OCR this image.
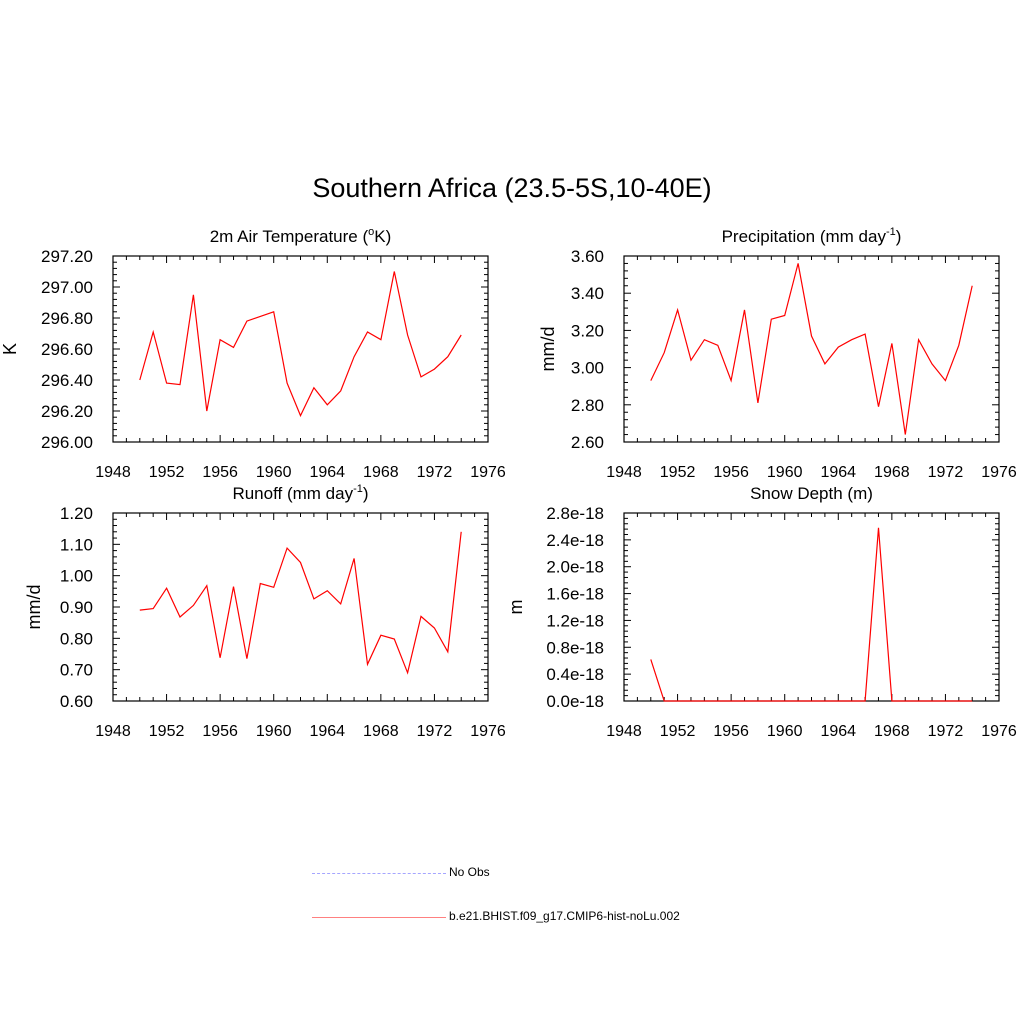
Southern Africa (23.5-5S,10-40E)
1948 1952 1956 1960 1964 1968 1972 1976
296.00
296.20
296.40
296.60
296.80
297.00
297.20
2m Air Temperature ($^o$K)
K
1948 1952 1956 1960 1964 1968 1972 1976
2.60
2.80
3.00
3.20
3.40
3.60
Precipitation (mm day$^{-1}$)
mm/d
1948 1952 1956 1960 1964 1968 1972 1976
0.60
0.70
0.80
0.90
1.00
1.10
1.20
Runoff (mm day$^{-1}$)
mm/d
1948 1952 1956 1960 1964 1968 1972 1976
0.0e-18
0.4e-18
0.8e-18
1.2e-18
1.6e-18
2.0e-18
2.4e-18
2.8e-18
Snow Depth (m)
m
No Obs
b.e21.BHIST.f09_g17.CMIP6-hist-noLu.002
